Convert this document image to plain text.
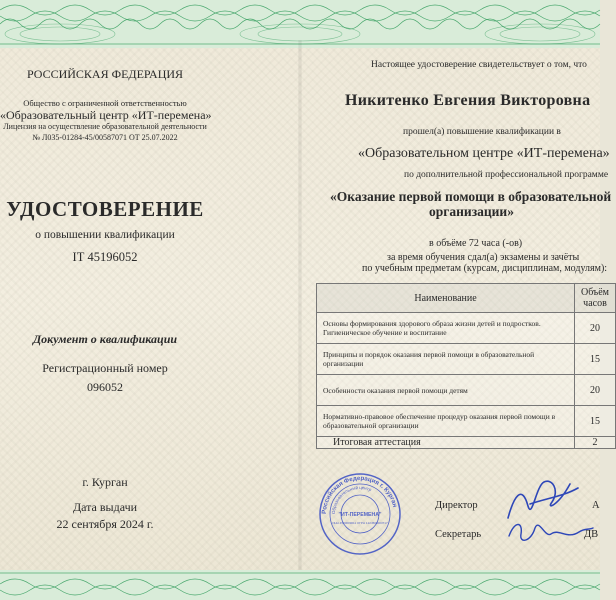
РОССИЙСКАЯ ФЕДЕРАЦИЯ
Общество с ограниченной ответственностью
«Образовательный центр «ИТ-перемена»
Лицензия на осуществление образовательной деятельности
№ Л035-01284-45/00587071 ОТ 25.07.2022
УДОСТОВЕРЕНИЕ
о повышении квалификации
ІТ 45196052
Документ о квалификации
Регистрационный номер
096052
г. Курган
Дата выдачи
22 сентября 2024 г.
Настоящее удостоверение свидетельствует о том, что
Никитенко Евгения Викторовна
прошел(а) повышение квалификации в
«Образовательном центре «ИТ-перемена»
по дополнительной профессиональной программе
«Оказание первой помощи в образовательной
организации»
в объёме 72 часа (-ов)
за время обучения сдал(а) экзамены и зачёты
по учебным предметам (курсам, дисциплинам, модулям):
Наименование	Объём
часов
Основы формирования здорового образа жизни детей и подростков. Гигиеническое обучение и воспитание	20
Принципы и порядок оказания первой помощи в образовательной организации	15
Особенности оказания первой помощи детям	20
Нормативно-правовое обеспечение процедур оказания первой помощи в образовательной организации	15
Итоговая аттестация	2
Директор
Секретарь
А
ДВ
Российская Федерация г. Курган
Образовательный центр
"ИТ-ПЕРЕМЕНА"
ИНН 4500009011 ОГРН 1224500003717
